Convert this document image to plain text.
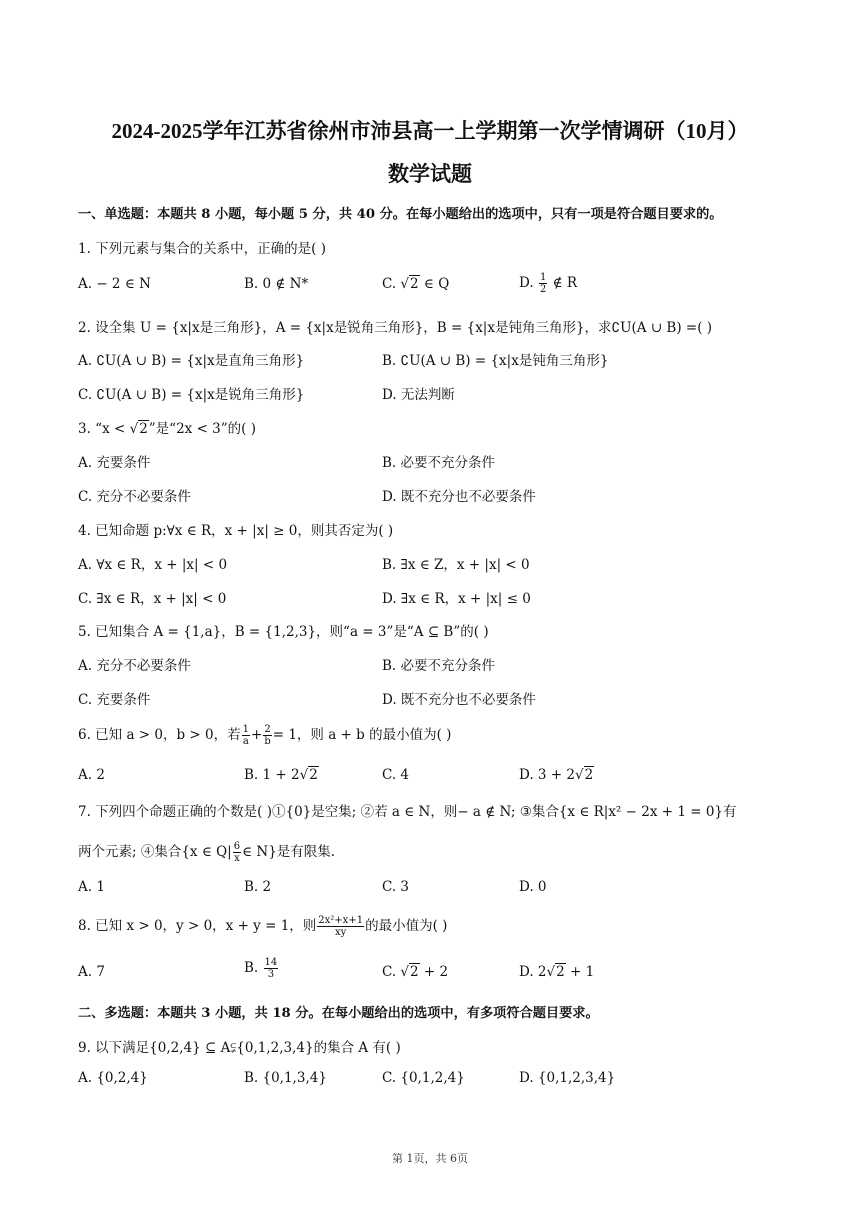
2024-2025学年江苏省徐州市沛县高一上学期第一次学情调研（10月）
数学试题
一、单选题：本题共 8 小题，每小题 5 分，共 40 分。在每小题给出的选项中，只有一项是符合题目要求的。
1. 下列元素与集合的关系中，正确的是( )
A. − 2 ∈ N	B. 0 ∉ N*	C. √2 ∈ Q	D. $\frac{1}{2}$ ∉ R
2. 设全集 U = {x|x是三角形}，A = {x|x是锐角三角形}，B = {x|x是钝角三角形}，求∁U(A ∪ B) =( )
A. ∁U(A ∪ B) = {x|x是直角三角形}	B. ∁U(A ∪ B) = {x|x是钝角三角形}
C. ∁U(A ∪ B) = {x|x是锐角三角形}	D. 无法判断
3. “x < √2”是“2x < 3”的( )
A. 充要条件	B. 必要不充分条件
C. 充分不必要条件	D. 既不充分也不必要条件
4. 已知命题 p:∀x ∈ R，x + |x| ≥ 0，则其否定为( )
A. ∀x ∈ R，x + |x| < 0	B. ∃x ∈ Z，x + |x| < 0
C. ∃x ∈ R，x + |x| < 0	D. ∃x ∈ R，x + |x| ≤ 0
5. 已知集合 A = {1,a}，B = {1,2,3}，则“a = 3”是“A ⊆ B”的( )
A. 充分不必要条件	B. 必要不充分条件
C. 充要条件	D. 既不充分也不必要条件
6. 已知 a > 0，b > 0，若 $\frac{1}{a} + \frac{2}{b} = 1$，则 a + b 的最小值为( )
A. 2	B. 1 + 2√2	C. 4	D. 3 + 2√2
7. 下列四个命题正确的个数是( )①{0}是空集; ②若 a ∈ N，则− a ∉ N; ③集合{x ∈ R|x² − 2x + 1 = 0}有
两个元素; ④集合{x ∈ $Q| \frac{6}{x}$ ∈ N}是有限集.
A. 1	B. 2	C. 3	D. 0
8. 已知 x > 0，y > 0，x + y = 1，则 $\frac{\text{2x²+x+1}}{xy}$ 的最小值为( )
A. 7	B. $\frac{14}{3}$	C. √2 + 2	D. 2√2 + 1
二、多选题：本题共 3 小题，共 18 分。在每小题给出的选项中，有多项符合题目要求。
9. 以下满足{0,2,4} ⊆ A⫋{0,1,2,3,4}的集合 A 有( )
A. {0,2,4}	B. {0,1,3,4}	C. {0,1,2,4}	D. {0,1,2,3,4}
第 1页，共 6页
